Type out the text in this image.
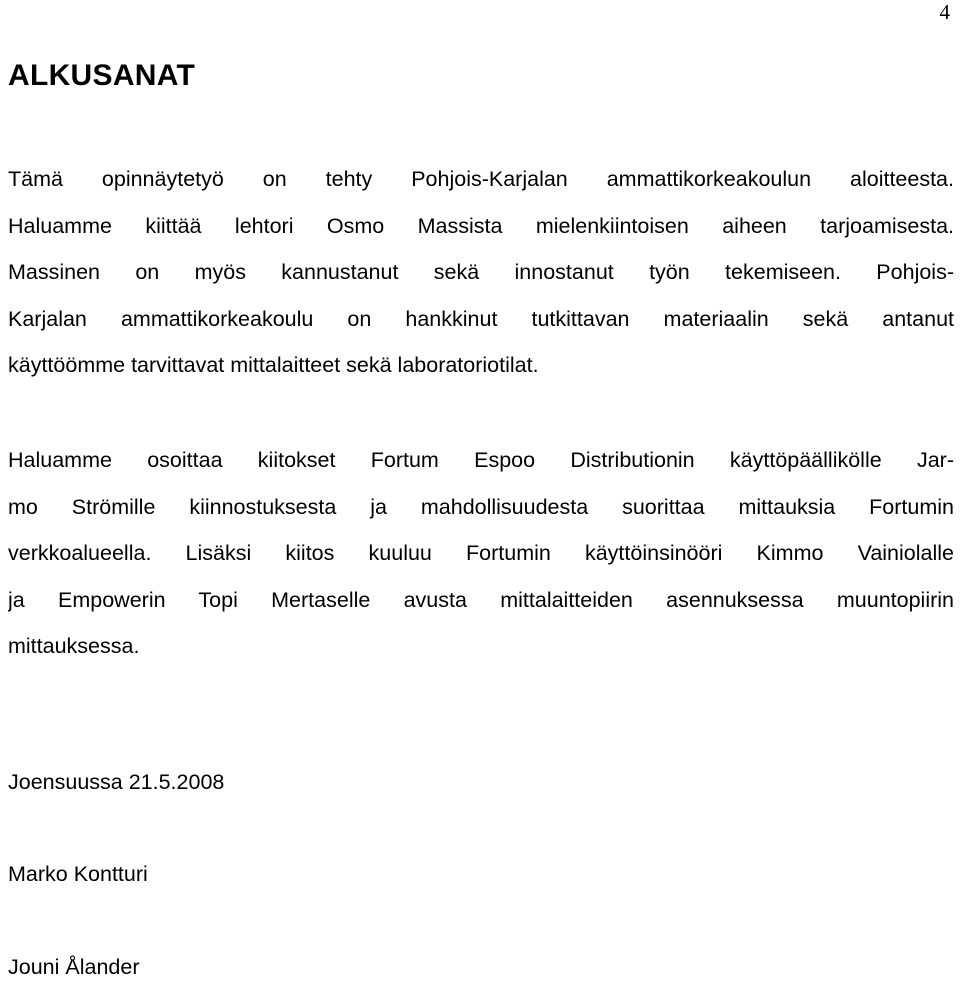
4
ALKUSANAT
Tämä opinnäytetyö on tehty Pohjois-Karjalan ammattikorkeakoulun aloitteesta.
Haluamme kiittää lehtori Osmo Massista mielenkiintoisen aiheen tarjoamisesta.
Massinen on myös kannustanut sekä innostanut työn tekemiseen. Pohjois-
Karjalan ammattikorkeakoulu on hankkinut tutkittavan materiaalin sekä antanut
käyttöömme tarvittavat mittalaitteet sekä laboratoriotilat.
Haluamme osoittaa kiitokset Fortum Espoo Distributionin käyttöpäällikölle Jar-
mo Strömille kiinnostuksesta ja mahdollisuudesta suorittaa mittauksia Fortumin
verkkoalueella. Lisäksi kiitos kuuluu Fortumin käyttöinsinööri Kimmo Vainiolalle
ja Empowerin Topi Mertaselle avusta mittalaitteiden asennuksessa muuntopiirin
mittauksessa.
Joensuussa 21.5.2008
Marko Kontturi
Jouni Ålander
